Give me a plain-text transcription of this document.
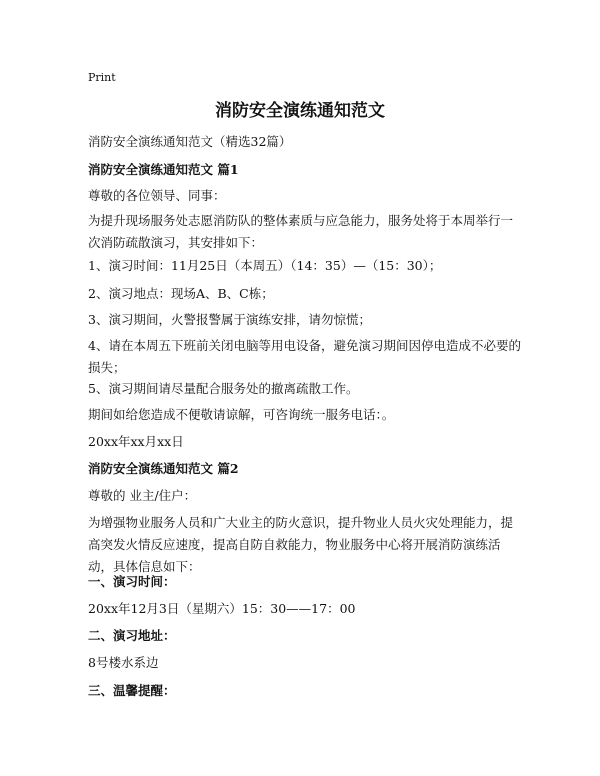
Print
消防安全演练通知范文
消防安全演练通知范文（精选32篇）
消防安全演练通知范文 篇1
尊敬的各位领导、同事：
为提升现场服务处志愿消防队的整体素质与应急能力，服务处将于本周举行一次消防疏散演习，其安排如下：
1、演习时间：11月25日（本周五）（14：35）—（15：30）；
2、演习地点：现场A、B、C栋；
3、演习期间，火警报警属于演练安排，请勿惊慌；
4、请在本周五下班前关闭电脑等用电设备，避免演习期间因停电造成不必要的 损失；
5、演习期间请尽量配合服务处的撤离疏散工作。
期间如给您造成不便敬请谅解，可咨询统一服务电话：。
20xx年xx月xx日
消防安全演练通知范文 篇2
尊敬的 业主/住户：
为增强物业服务人员和广大业主的防火意识，提升物业人员火灾处理能力，提高突发火情反应速度，提高自防自救能力，物业服务中心将开展消防演练活动，具体信息如下：
一、演习时间：
20xx年12月3日（星期六）15：30——17：00
二、演习地址：
8号楼水系边
三、温馨提醒：
